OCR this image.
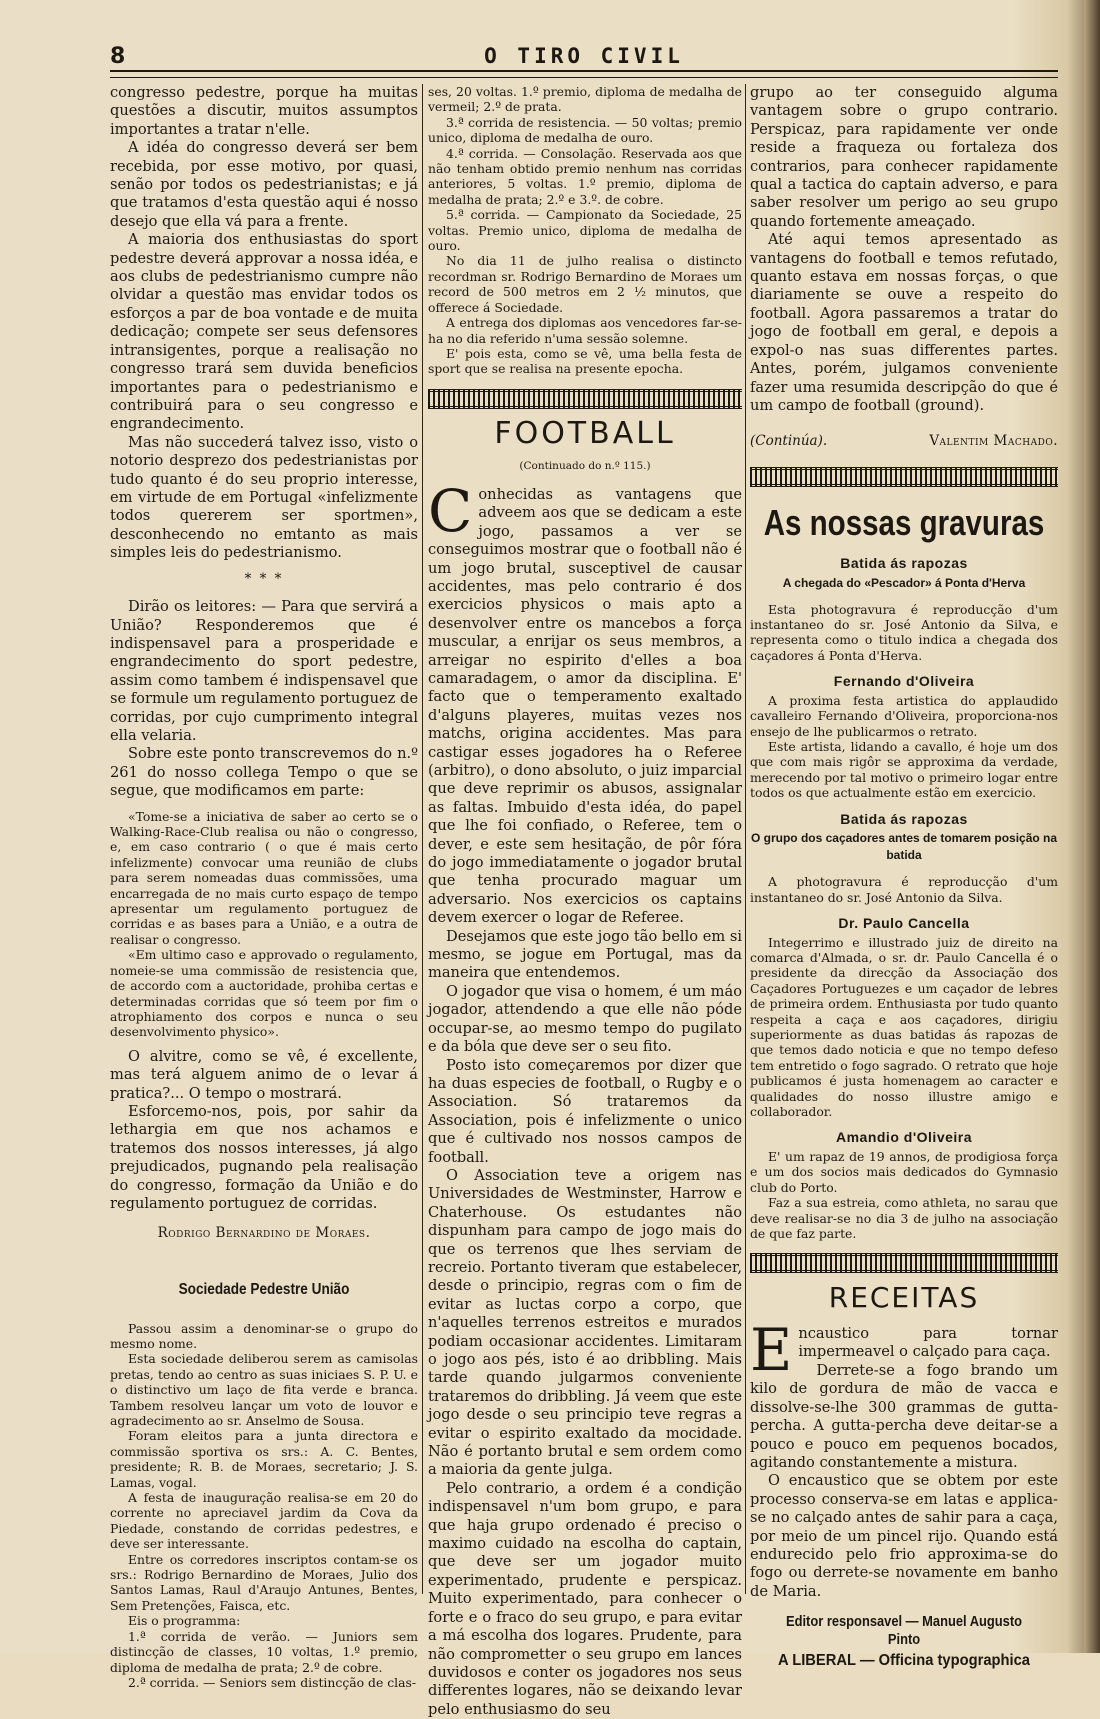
8	O TIRO CIVIL

congresso pedestre, porque ha muitas questões a discutir, muitos assumptos importantes a tratar n'elle.

A idéa do congresso deverá ser bem recebida, por esse motivo, por quasi, senão por todos os pedestrianistas; e já que tratamos d'esta questão aqui é nosso desejo que ella vá para a frente.

A maioria dos enthusiastas do sport pedestre deverá approvar a nossa idéa, e aos clubs de pedestrianismo cumpre não olvidar a questão mas envidar todos os esforços a par de boa vontade e de muita dedicação; compete ser seus defensores intransigentes, porque a realisação no congresso trará sem duvida beneficios importantes para o pedestrianismo e contribuirá para o seu congresso e engrandecimento.

Mas não succederá talvez isso, visto o notorio desprezo dos pedestrianistas por tudo quanto é do seu proprio interesse, em virtude de em Portugal «infelizmente todos quererem ser sportmen», desconhecendo no emtanto as mais simples leis do pedestrianismo.

* * *

Dirão os leitores: — Para que servirá a União? Responderemos que é indispensavel para a prosperidade e engrandecimento do sport pedestre, assim como tambem é indispensavel que se formule um regulamento portuguez de corridas, por cujo cumprimento integral ella velaria.

Sobre este ponto transcrevemos do n.º 261 do nosso collega Tempo o que se segue, que modificamos em parte:

«Tome-se a iniciativa de saber ao certo se o Walking-Race-Club realisa ou não o congresso, e, em caso contrario ( o que é mais certo infelizmente) convocar uma reunião de clubs para serem nomeadas duas commissões, uma encarregada de no mais curto espaço de tempo apresentar um regulamento portuguez de corridas e as bases para a União, e a outra de realisar o congresso.

«Em ultimo caso e approvado o regulamento, nomeie-se uma commissão de resistencia que, de accordo com a auctoridade, prohiba certas e determinadas corridas que só teem por fim o atrophiamento dos corpos e nunca o seu desenvolvimento physico».

O alvitre, como se vê, é excellente, mas terá alguem animo de o levar á pratica?... O tempo o mostrará.

Esforcemo-nos, pois, por sahir da lethargia em que nos achamos e tratemos dos nossos interesses, já algo prejudicados, pugnando pela realisação do congresso, formação da União e do regulamento portuguez de corridas.

Rodrigo Bernardino de Moraes.
Sociedade Pedestre União

Passou assim a denominar-se o grupo do mesmo nome.

Esta sociedade deliberou serem as camisolas pretas, tendo ao centro as suas iniciaes S. P. U. e o distinctivo um laço de fita verde e branca. Tambem resolveu lançar um voto de louvor e agradecimento ao sr. Anselmo de Sousa.

Foram eleitos para a junta directora e commissão sportiva os srs.: A. C. Bentes, presidente; R. B. de Moraes, secretario; J. S. Lamas, vogal.

A festa de inauguração realisa-se em 20 do corrente no apreciavel jardim da Cova da Piedade, constando de corridas pedestres, e deve ser interessante.

Entre os corredores inscriptos contam-se os srs.: Rodrigo Bernardino de Moraes, Julio dos Santos Lamas, Raul d'Araujo Antunes, Bentes, Sem Pretenções, Faisca, etc.

Eis o programma:

1.ª corrida de verão. — Juniors sem distincção de classes, 10 voltas, 1.º premio, diploma de medalha de prata; 2.º de cobre.

2.ª corrida. — Seniors sem distincção de clas-

ses, 20 voltas. 1.º premio, diploma de medalha de vermeil; 2.º de prata.

3.ª corrida de resistencia. — 50 voltas; premio unico, diploma de medalha de ouro.

4.ª corrida. — Consolação. Reservada aos que não tenham obtido premio nenhum nas corridas anteriores, 5 voltas. 1.º premio, diploma de medalha de prata; 2.º e 3.º. de cobre.

5.ª corrida. — Campionato da Sociedade, 25 voltas. Premio unico, diploma de medalha de ouro.

No dia 11 de julho realisa o distincto recordman sr. Rodrigo Bernardino de Moraes um record de 500 metros em 2 ½ minutos, que offerece á Sociedade.

A entrega dos diplomas aos vencedores far-se-ha no dia referido n'uma sessão solemne.

E' pois esta, como se vê, uma bella festa de sport que se realisa na presente epocha.

FOOTBALL
(Continuado do n.º 115.)

Conhecidas as vantagens que adveem aos que se dedicam a este jogo, passamos a ver se conseguimos mostrar que o football não é um jogo brutal, susceptivel de causar accidentes, mas pelo contrario é dos exercicios physicos o mais apto a desenvolver entre os mancebos a força muscular, a enrijar os seus membros, a arreigar no espirito d'elles a boa camaradagem, o amor da disciplina. E' facto que o temperamento exaltado d'alguns playeres, muitas vezes nos matchs, origina accidentes. Mas para castigar esses jogadores ha o Referee (arbitro), o dono absoluto, o juiz imparcial que deve reprimir os abusos, assignalar as faltas. Imbuido d'esta idéa, do papel que lhe foi confiado, o Referee, tem o dever, e este sem hesitação, de pôr fóra do jogo immediatamente o jogador brutal que tenha procurado maguar um adversario. Nos exercicios os captains devem exercer o logar de Referee.

Desejamos que este jogo tão bello em si mesmo, se jogue em Portugal, mas da maneira que entendemos.

O jogador que visa o homem, é um máo jogador, attendendo a que elle não póde occupar-se, ao mesmo tempo do pugilato e da bóla que deve ser o seu fito.

Posto isto começaremos por dizer que ha duas especies de football, o Rugby e o Association. Só trataremos da Association, pois é infelizmente o unico que é cultivado nos nossos campos de football.

O Association teve a origem nas Universidades de Westminster, Harrow e Chaterhouse. Os estudantes não dispunham para campo de jogo mais do que os terrenos que lhes serviam de recreio. Portanto tiveram que estabelecer, desde o principio, regras com o fim de evitar as luctas corpo a corpo, que n'aquelles terrenos estreitos e murados podiam occasionar accidentes. Limitaram o jogo aos pés, isto é ao dribbling. Mais tarde quando julgarmos conveniente trataremos do dribbling. Já veem que este jogo desde o seu principio teve regras a evitar o espirito exaltado da mocidade. Não é portanto brutal e sem ordem como a maioria da gente julga.

Pelo contrario, a ordem é a condição indispensavel n'um bom grupo, e para que haja grupo ordenado é preciso o maximo cuidado na escolha do captain, que deve ser um jogador muito experimentado, prudente e perspicaz. Muito experimentado, para conhecer o forte e o fraco do seu grupo, e para evitar a má escolha dos logares. Prudente, para não comprometter o seu grupo em lances duvidosos e conter os jogadores nos seus differentes logares, não se deixando levar pelo enthusiasmo do seu

grupo ao ter conseguido alguma vantagem sobre o grupo contrario. Perspicaz, para rapidamente ver onde reside a fraqueza ou fortaleza dos contrarios, para conhecer rapidamente qual a tactica do captain adverso, e para saber resolver um perigo ao seu grupo quando fortemente ameaçado.

Até aqui temos apresentado as vantagens do football e temos refutado, quanto estava em nossas forças, o que diariamente se ouve a respeito do football. Agora passaremos a tratar do jogo de football em geral, e depois a expol-o nas suas differentes partes. Antes, porém, julgamos conveniente fazer uma resumida descripção do que é um campo de football (ground).

(Continúa).	Valentim Machado.
As nossas gravuras
Batida ás rapozas
A chegada do «Pescador» á Ponta d'Herva

Esta photogravura é reproducção d'um instantaneo do sr. José Antonio da Silva, e representa como o titulo indica a chegada dos caçadores á Ponta d'Herva.

Fernando d'Oliveira

A proxima festa artistica do applaudido cavalleiro Fernando d'Oliveira, proporciona-nos ensejo de lhe publicarmos o retrato.

Este artista, lidando a cavallo, é hoje um dos que com mais rigôr se approxima da verdade, merecendo por tal motivo o primeiro logar entre todos os que actualmente estão em exercicio.

Batida ás rapozas
O grupo dos caçadores antes de tomarem posição na batida

A photogravura é reproducção d'um instantaneo do sr. José Antonio da Silva.

Dr. Paulo Cancella

Integerrimo e illustrado juiz de direito na comarca d'Almada, o sr. dr. Paulo Cancella é o presidente da direcção da Associação dos Caçadores Portuguezes e um caçador de lebres de primeira ordem. Enthusiasta por tudo quanto respeita a caça e aos caçadores, dirigiu superiormente as duas batidas ás rapozas de que temos dado noticia e que no tempo defeso tem entretido o fogo sagrado. O retrato que hoje publicamos é justa homenagem ao caracter e qualidades do nosso illustre amigo e collaborador.

Amandio d'Oliveira

E' um rapaz de 19 annos, de prodigiosa força e um dos socios mais dedicados do Gymnasio club do Porto.

Faz a sua estreia, como athleta, no sarau que deve realisar-se no dia 3 de julho na associação de que faz parte.

RECEITAS

Encaustico para tornar impermeavel o calçado para caça.

Derrete-se a fogo brando um kilo de gordura de mão de vacca e dissolve-se-lhe 300 grammas de gutta-percha. A gutta-percha deve deitar-se a pouco e pouco em pequenos bocados, agitando constantemente a mistura.

O encaustico que se obtem por este processo conserva-se em latas e applica-se no calçado antes de sahir para a caça, por meio de um pincel rijo. Quando está endurecido pelo frio approxima-se do fogo ou derrete-se novamente em banho de Maria.

Editor responsavel — Manuel Augusto Pinto
A LIBERAL — Officina typographica
